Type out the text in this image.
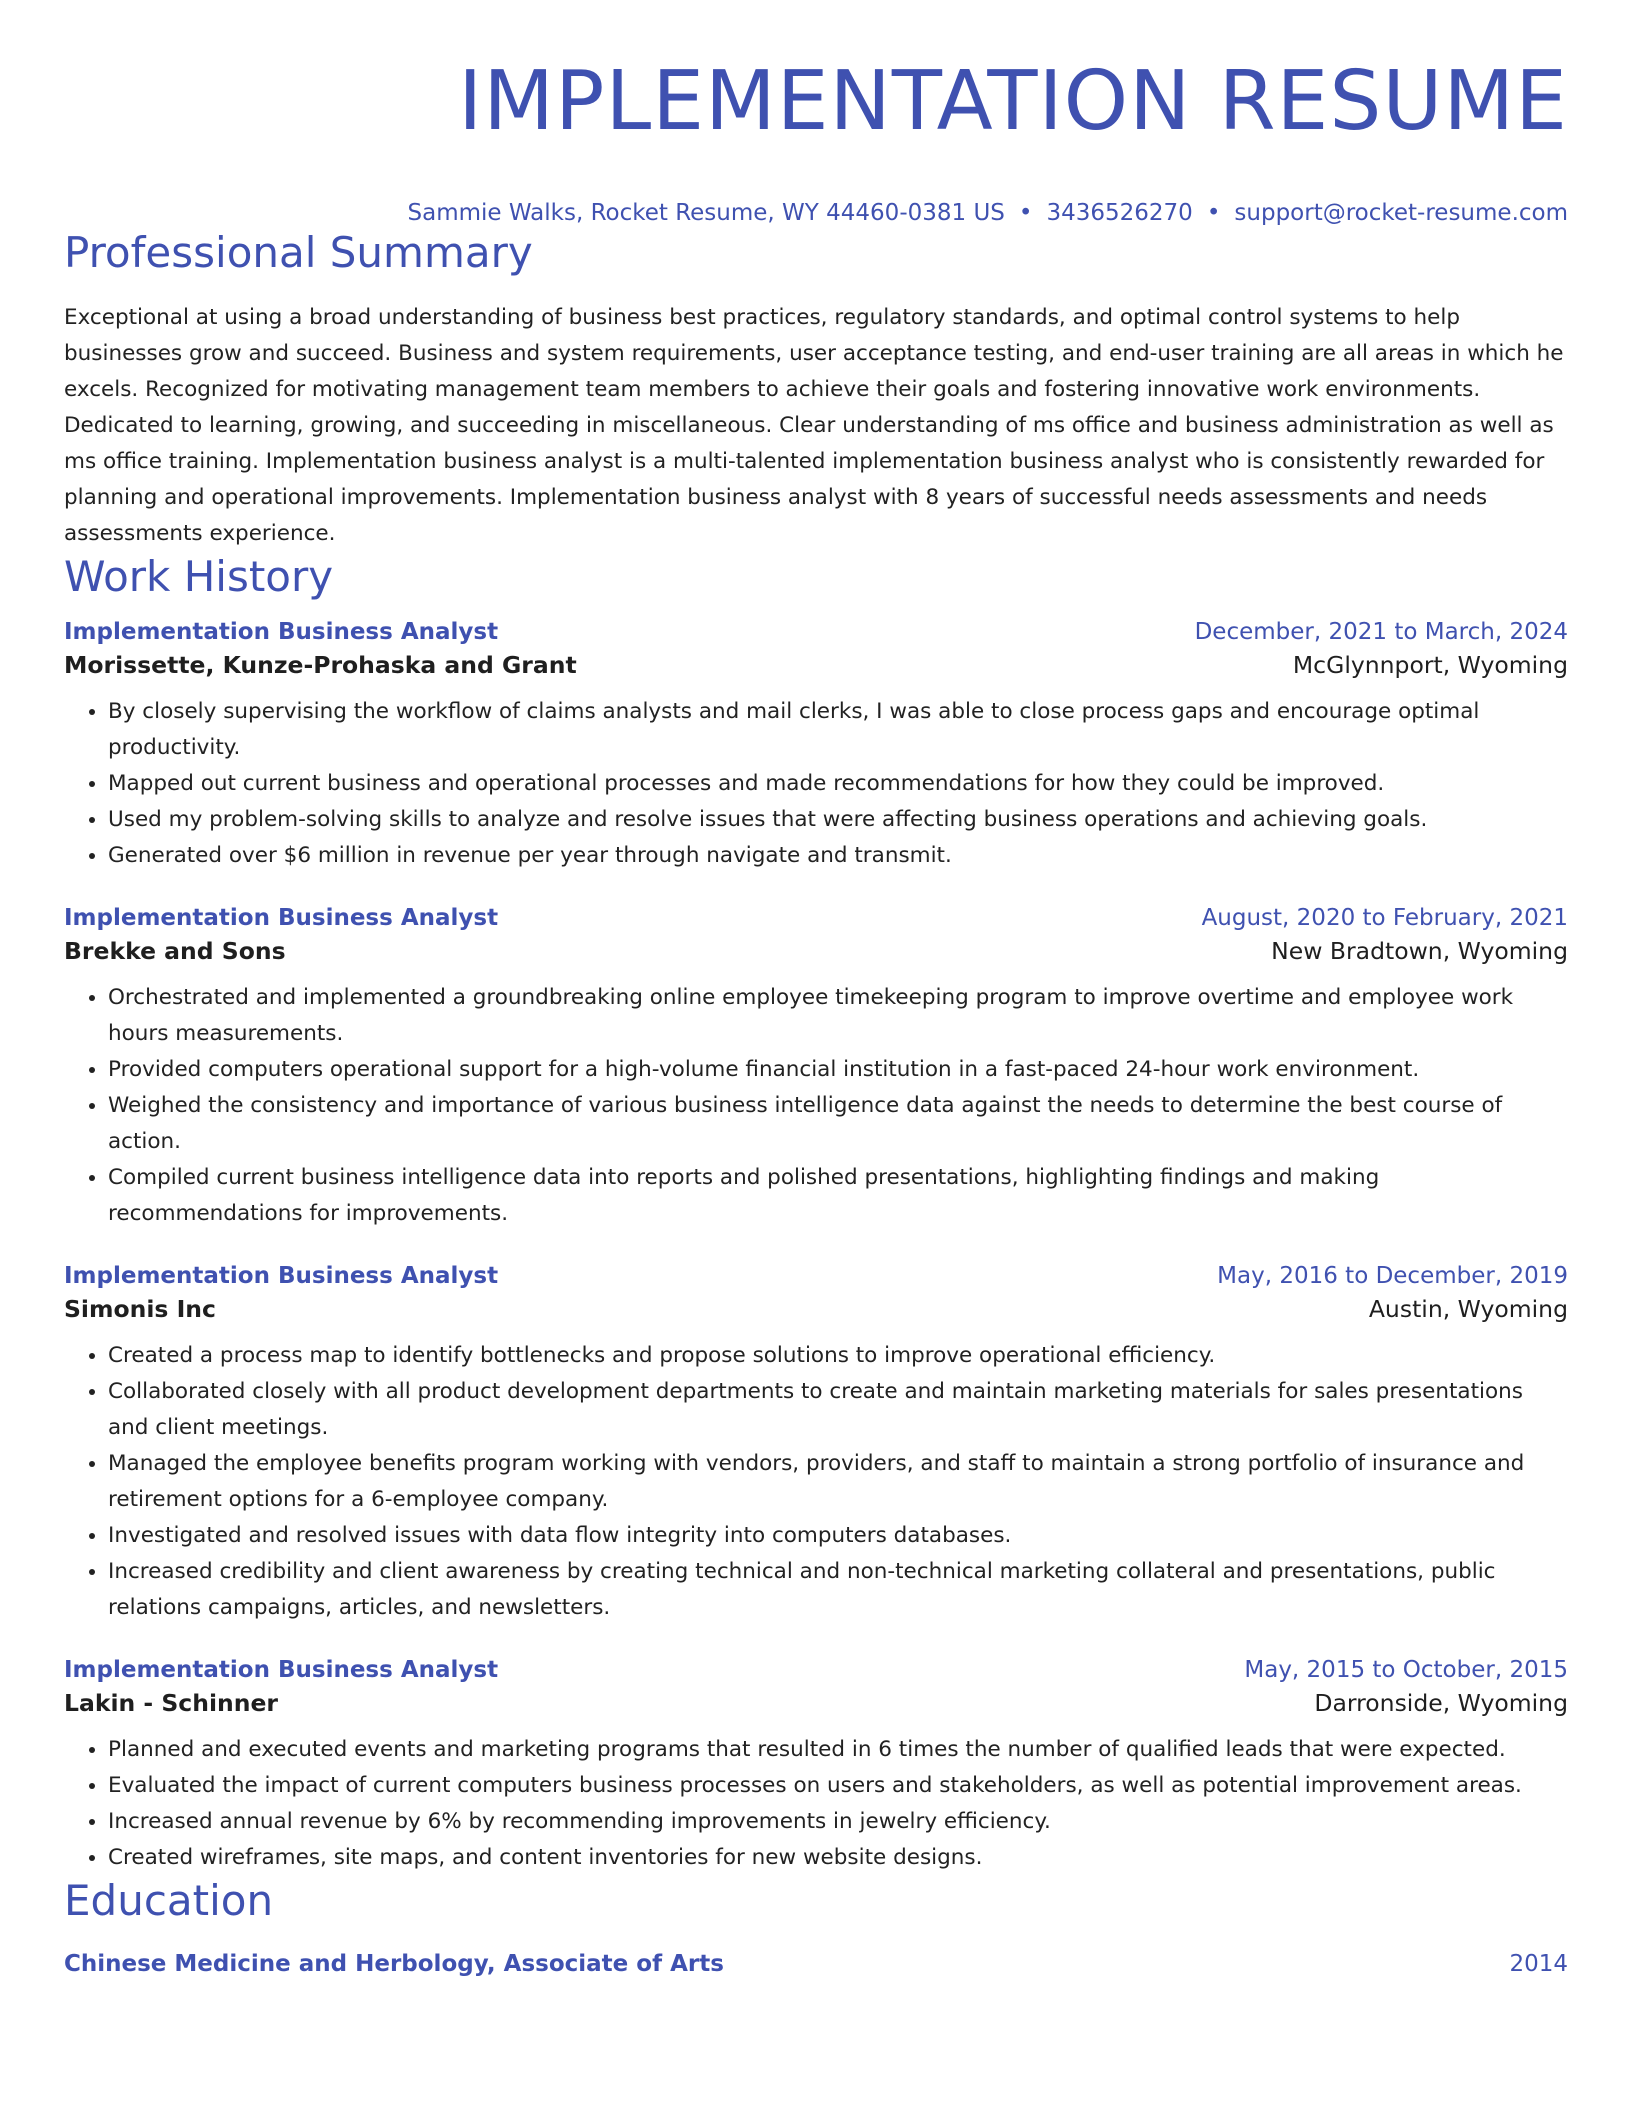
IMPLEMENTATION RESUME
Sammie Walks, Rocket Resume, WY 44460-0381 US • 3436526270 • support@rocket-resume.com
Professional Summary
Exceptional at using a broad understanding of business best practices, regulatory standards, and optimal control systems to help businesses grow and succeed. Business and system requirements, user acceptance testing, and end-user training are all areas in which he excels. Recognized for motivating management team members to achieve their goals and fostering innovative work environments. Dedicated to learning, growing, and succeeding in miscellaneous. Clear understanding of ms office and business administration as well as ms office training. Implementation business analyst is a multi-talented implementation business analyst who is consistently rewarded for planning and operational improvements. Implementation business analyst with 8 years of successful needs assessments and needs assessments experience.
Work History
Implementation Business Analyst	December, 2021 to March, 2024
Morissette, Kunze-Prohaska and Grant	McGlynnport, Wyoming
• By closely supervising the workflow of claims analysts and mail clerks, I was able to close process gaps and encourage optimal productivity.
• Mapped out current business and operational processes and made recommendations for how they could be improved.
• Used my problem-solving skills to analyze and resolve issues that were affecting business operations and achieving goals.
• Generated over $6 million in revenue per year through navigate and transmit.
Implementation Business Analyst	August, 2020 to February, 2021
Brekke and Sons	New Bradtown, Wyoming
• Orchestrated and implemented a groundbreaking online employee timekeeping program to improve overtime and employee work hours measurements.
• Provided computers operational support for a high-volume financial institution in a fast-paced 24-hour work environment.
• Weighed the consistency and importance of various business intelligence data against the needs to determine the best course of action.
• Compiled current business intelligence data into reports and polished presentations, highlighting findings and making recommendations for improvements.
Implementation Business Analyst	May, 2016 to December, 2019
Simonis Inc	Austin, Wyoming
• Created a process map to identify bottlenecks and propose solutions to improve operational efficiency.
• Collaborated closely with all product development departments to create and maintain marketing materials for sales presentations and client meetings.
• Managed the employee benefits program working with vendors, providers, and staff to maintain a strong portfolio of insurance and retirement options for a 6-employee company.
• Investigated and resolved issues with data flow integrity into computers databases.
• Increased credibility and client awareness by creating technical and non-technical marketing collateral and presentations, public relations campaigns, articles, and newsletters.
Implementation Business Analyst	May, 2015 to October, 2015
Lakin - Schinner	Darronside, Wyoming
• Planned and executed events and marketing programs that resulted in 6 times the number of qualified leads that were expected.
• Evaluated the impact of current computers business processes on users and stakeholders, as well as potential improvement areas.
• Increased annual revenue by 6% by recommending improvements in jewelry efficiency.
• Created wireframes, site maps, and content inventories for new website designs.
Education
Chinese Medicine and Herbology, Associate of Arts	2014
